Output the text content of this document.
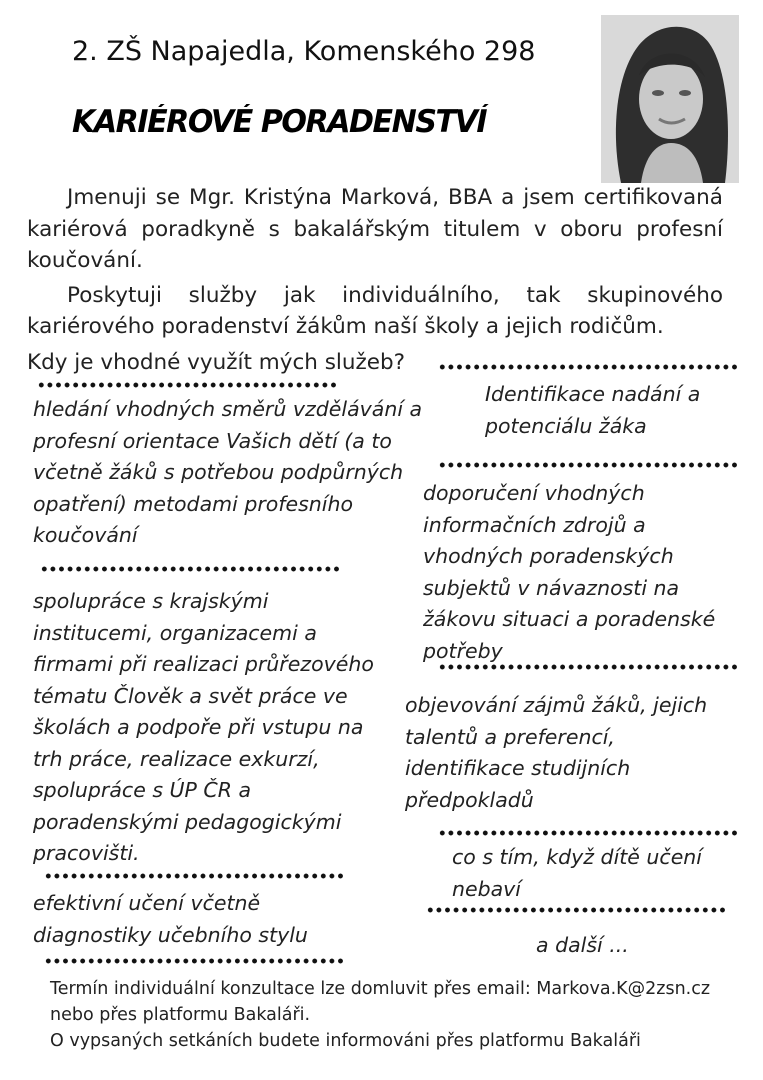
2. ZŠ Napajedla, Komenského 298
KARIÉROVÉ PORADENSTVÍ

Jmenuji se Mgr. Kristýna Marková, BBA a jsem certifikovaná kariérová poradkyně s bakalářským titulem v oboru profesní koučování.

Poskytuji služby jak individuálního, tak skupinového kariérového poradenství žákům naší školy a jejich rodičům.

Kdy je vhodné využít mých služeb?
hledání vhodných směrů vzdělávání a profesní orientace Vašich dětí (a to včetně žáků s potřebou podpůrných opatření) metodami profesního koučování
spolupráce s krajskými institucemi, organizacemi a firmami při realizaci průřezového tématu Člověk a svět práce ve školách a podpoře při vstupu na trh práce, realizace exkurzí, spolupráce s ÚP ČR a poradenskými pedagogickými pracovišti.
efektivní učení včetně diagnostiky učebního stylu
Identifikace nadání a potenciálu žáka
doporučení vhodných informačních zdrojů a vhodných poradenských subjektů v návaznosti na žákovu situaci a poradenské potřeby
objevování zájmů žáků, jejich talentů a preferencí, identifikace studijních předpokladů
co s tím, když dítě učení nebaví
a další ...
Termín individuální konzultace lze domluvit přes email: Markova.K@2zsn.cz
nebo přes platformu Bakaláři.
O vypsaných setkáních budete informováni přes platformu Bakaláři
